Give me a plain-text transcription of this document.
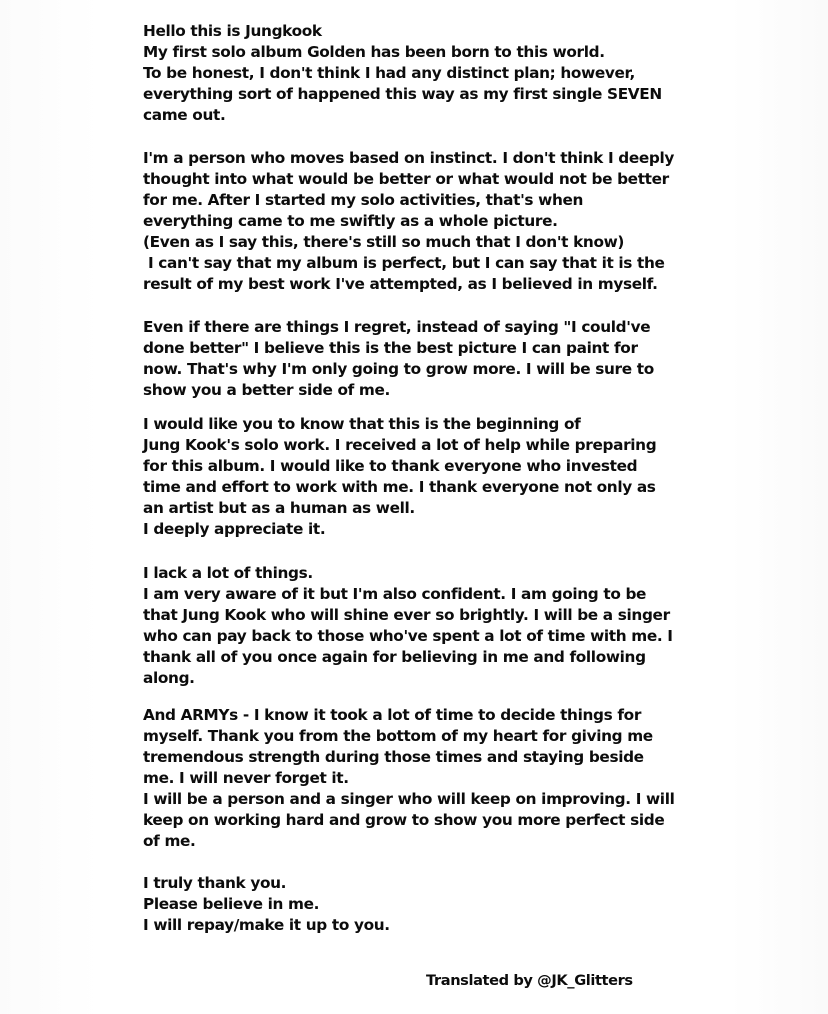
Hello this is Jungkook
My first solo album Golden has been born to this world.
To be honest, I don't think I had any distinct plan; however,
everything sort of happened this way as my first single SEVEN
came out.

I'm a person who moves based on instinct. I don't think I deeply
thought into what would be better or what would not be better
for me. After I started my solo activities, that's when
everything came to me swiftly as a whole picture.
(Even as I say this, there's still so much that I don't know)
I can't say that my album is perfect, but I can say that it is the
result of my best work I've attempted, as I believed in myself.

Even if there are things I regret, instead of saying "I could've
done better" I believe this is the best picture I can paint for
now. That's why I'm only going to grow more. I will be sure to
show you a better side of me.

I would like you to know that this is the beginning of
Jung Kook's solo work. I received a lot of help while preparing
for this album. I would like to thank everyone who invested
time and effort to work with me. I thank everyone not only as
an artist but as a human as well.
I deeply appreciate it.

I lack a lot of things.
I am very aware of it but I'm also confident. I am going to be
that Jung Kook who will shine ever so brightly. I will be a singer
who can pay back to those who've spent a lot of time with me. I
thank all of you once again for believing in me and following
along.

And ARMYs - I know it took a lot of time to decide things for
myself. Thank you from the bottom of my heart for giving me
tremendous strength during those times and staying beside
me. I will never forget it.
I will be a person and a singer who will keep on improving. I will
keep on working hard and grow to show you more perfect side
of me.

I truly thank you.
Please believe in me.
I will repay/make it up to you.

Translated by @JK_Glitters
